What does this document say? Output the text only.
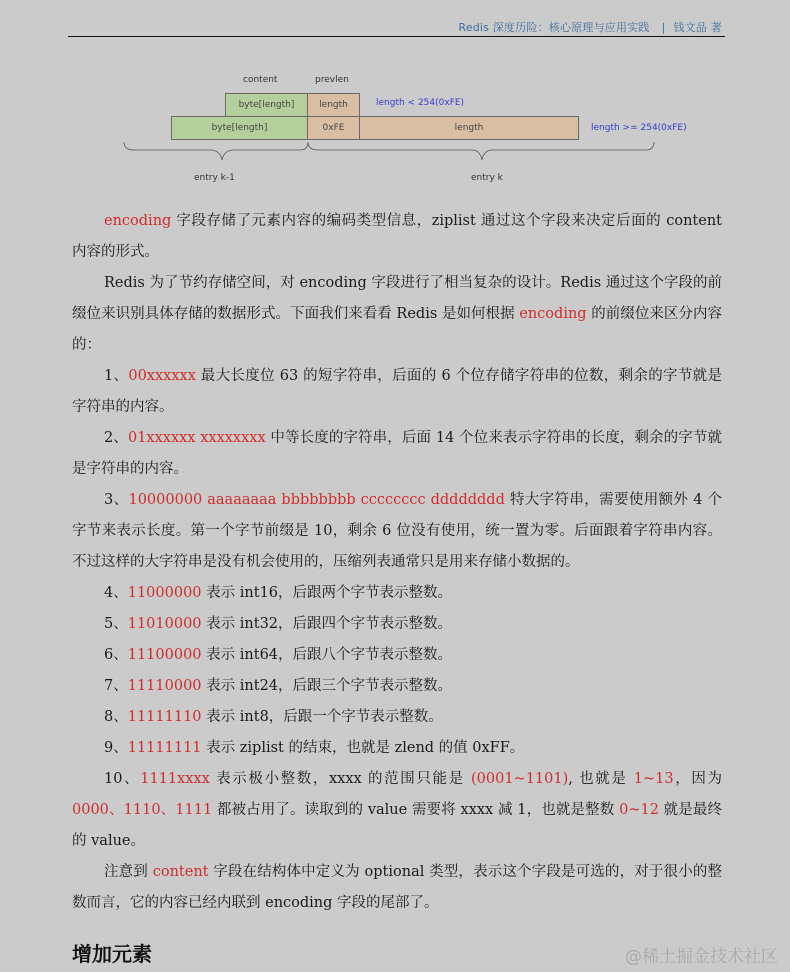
Redis 深度历险：核心原理与应用实践 | 钱文品 著
content	prevlen
byte[length]	length	length < 254(0xFE)
byte[length]	0xFE	length	length >= 254(0xFE)
entry k-1	entry k

encoding 字段存储了元素内容的编码类型信息，ziplist 通过这个字段来决定后面的 content 内容的形式。

Redis 为了节约存储空间，对 encoding 字段进行了相当复杂的设计。Redis 通过这个字段的前缀位来识别具体存储的数据形式。下面我们来看看 Redis 是如何根据 encoding 的前缀位来区分内容的：

1、00xxxxxx 最大长度位 63 的短字符串，后面的 6 个位存储字符串的位数，剩余的字节就是字符串的内容。

2、01xxxxxx xxxxxxxx 中等长度的字符串，后面 14 个位来表示字符串的长度，剩余的字节就是字符串的内容。

3、10000000 aaaaaaaa bbbbbbbb cccccccc dddddddd 特大字符串，需要使用额外 4 个字节来表示长度。第一个字节前缀是 10，剩余 6 位没有使用，统一置为零。后面跟着字符串内容。不过这样的大字符串是没有机会使用的，压缩列表通常只是用来存储小数据的。

4、11000000 表示 int16，后跟两个字节表示整数。

5、11010000 表示 int32，后跟四个字节表示整数。

6、11100000 表示 int64，后跟八个字节表示整数。

7、11110000 表示 int24，后跟三个字节表示整数。

8、11111110 表示 int8，后跟一个字节表示整数。

9、11111111 表示 ziplist 的结束，也就是 zlend 的值 0xFF。

10、1111xxxx 表示极小整数，xxxx 的范围只能是 (0001~1101), 也就是 1~13，因为 0000、1110、1111 都被占用了。读取到的 value 需要将 xxxx 减 1，也就是整数 0~12 就是最终的 value。

注意到 content 字段在结构体中定义为 optional 类型，表示这个字段是可选的，对于很小的整数而言，它的内容已经内联到 encoding 字段的尾部了。

增加元素	@稀土掘金技术社区
